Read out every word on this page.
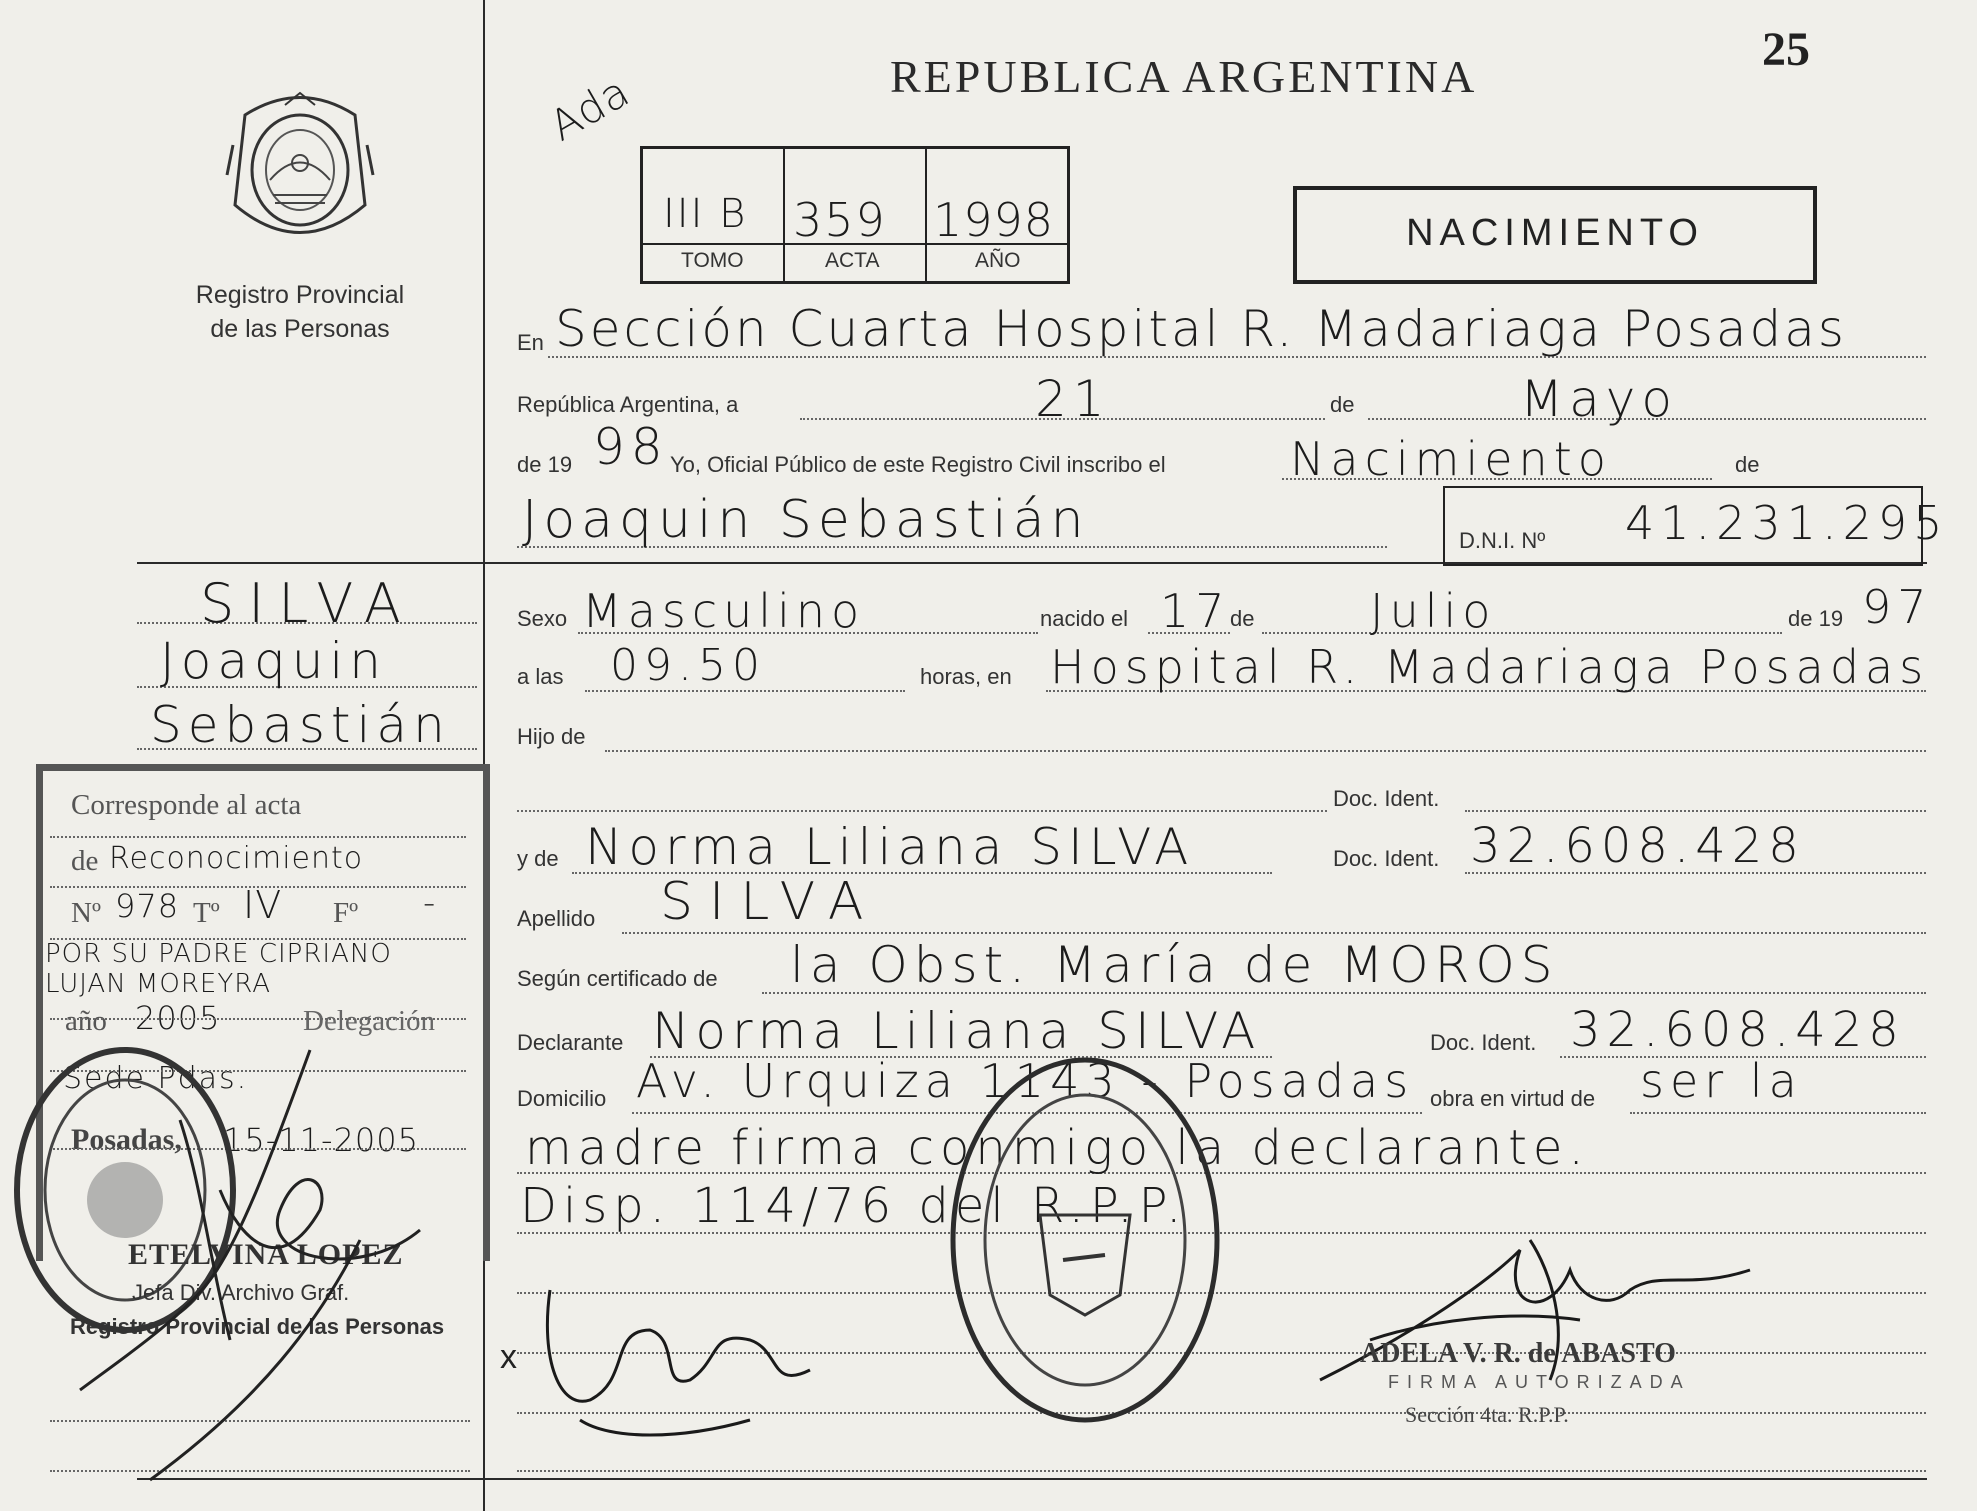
REPUBLICA ARGENTINA
25
Ada
Registro Provincial
de las Personas
III B 359 1998
TOMO	ACTA	AÑO
NACIMIENTO
En Sección Cuarta Hospital R. Madariaga Posadas
República Argentina, a	21	de	Mayo
de 19 98 Yo, Oficial Público de este Registro Civil inscribo el	Nacimiento	de
Joaquin Sebastián	D.N.I. Nº 41.231.295
SILVA
Joaquin
Sebastián
Sexo Masculino	nacido el 17 de	Julio	de 19 97
a las 09.50	horas, en Hospital R. Madariaga Posadas
Hijo de
Doc. Ident.
y de Norma Liliana SILVA	Doc. Ident. 32.608.428
Apellido SILVA
Según certificado de la Obst. María de MOROS
Declarante Norma Liliana SILVA	Doc. Ident. 32.608.428
Domicilio Av. Urquiza 1143 - Posadas obra en virtud de ser la
madre firma conmigo la declarante.
Disp. 114/76 del R.P.P.
Corresponde al acta
de Reconocimiento
Nº 978 Tº IV Fº -
POR SU PADRE CIPRIANO LUJAN MOREYRA
año 2005	Delegación
Sede Pdas.
Posadas, 15-11-2005
ETELVINA LOPEZ
Jefa Div. Archivo Graf.
Registro Provincial de las Personas
x	ADELA V. R. de ABASTO
FIRMA AUTORIZADA
Sección 4ta. R.P.P.
